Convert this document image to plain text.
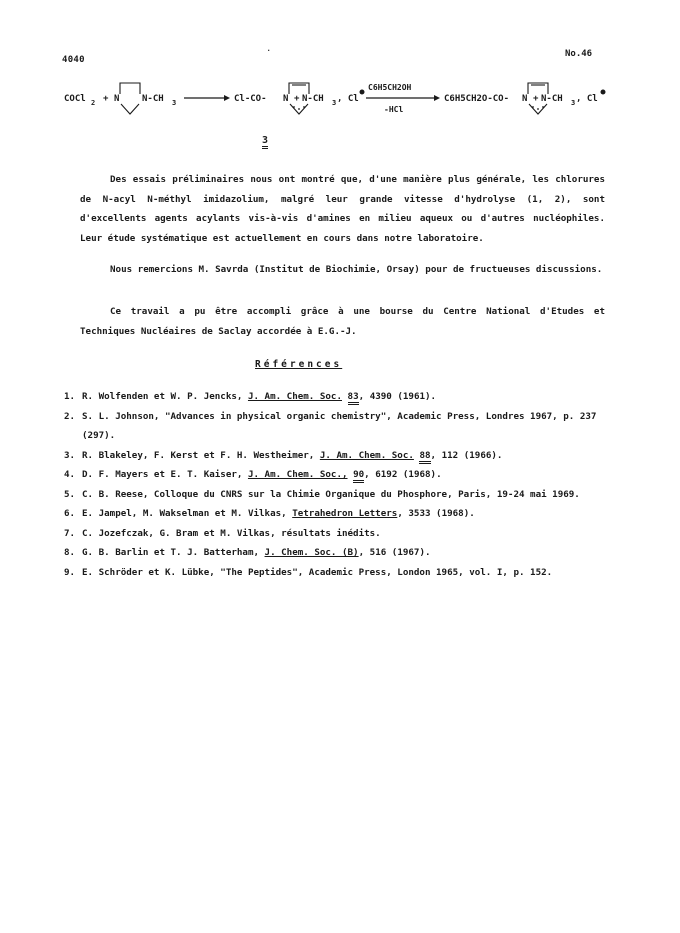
4040
.	No.46
COCl 2 + N	N-CH 3	Cl-CO- N + N-CH 3 , Cl
C6H5CH2OH
-HCl
C6H5CH2O-CO- N + N-CH 3 , Cl
3
Des essais préliminaires nous ont montré que, d'une manière plus générale, les chlorures de N-acyl N-méthyl imidazolium, malgré leur grande vitesse d'hydrolyse (1, 2), sont d'excellents agents acylants vis-à-vis d'amines en milieu aqueux ou d'autres nucléophiles. Leur étude systématique est actuellement en cours dans notre laboratoire.
Nous remercions M. Savrda (Institut de Biochimie, Orsay) pour de fructueuses discussions.
Ce travail a pu être accompli grâce à une bourse du Centre National d'Etudes et Techniques Nucléaires de Saclay accordée à E.G.-J.
Références
1. R. Wolfenden et W. P. Jencks, J. Am. Chem. Soc. 83, 4390 (1961).
2. S. L. Johnson, "Advances in physical organic chemistry", Academic Press, Londres 1967, p. 237 (297).
3. R. Blakeley, F. Kerst et F. H. Westheimer, J. Am. Chem. Soc. 88, 112 (1966).
4. D. F. Mayers et E. T. Kaiser, J. Am. Chem. Soc., 90, 6192 (1968).
5. C. B. Reese, Colloque du CNRS sur la Chimie Organique du Phosphore, Paris, 19-24 mai 1969.
6. E. Jampel, M. Wakselman et M. Vilkas, Tetrahedron Letters, 3533 (1968).
7. C. Jozefczak, G. Bram et M. Vilkas, résultats inédits.
8. G. B. Barlin et T. J. Batterham, J. Chem. Soc. (B), 516 (1967).
9. E. Schröder et K. Lübke, "The Peptides", Academic Press, London 1965, vol. I, p. 152.
